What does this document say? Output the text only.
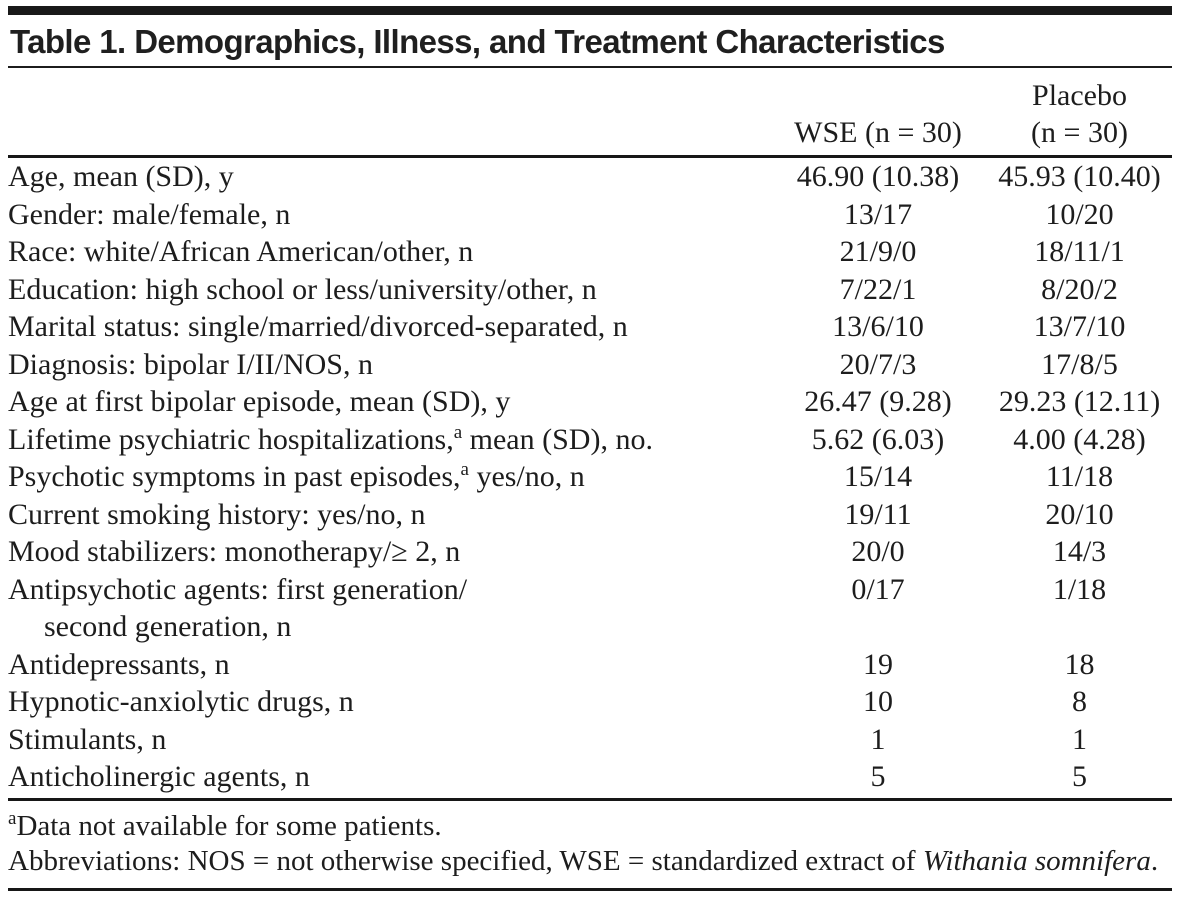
Table 1. Demographics, Illness, and Treatment Characteristics

	WSE (n = 30)	Placebo
(n = 30)

Age, mean (SD), y	46.90 (10.38)	45.93 (10.40)
Gender: male/female, n	13/17	10/20
Race: white/African American/other, n	21/9/0	18/11/1
Education: high school or less/university/other, n	7/22/1	8/20/2
Marital status: single/married/divorced-separated, n	13/6/10	13/7/10
Diagnosis: bipolar I/II/NOS, n	20/7/3	17/8/5
Age at first bipolar episode, mean (SD), y	26.47 (9.28)	29.23 (12.11)
Lifetime psychiatric hospitalizations,$^a$ mean (SD), no.	5.62 (6.03)	4.00 (4.28)
Psychotic symptoms in past episodes,$^a$ yes/no, n	15/14	11/18
Current smoking history: yes/no, n	19/11	20/10
Mood stabilizers: monotherapy/≥ 2, n	20/0	14/3

Antipsychotic agents: first generation/
second generation, n	0/17	1/18
Antidepressants, n	19	18
Hypnotic-anxiolytic drugs, n	10	8
Stimulants, n	1	1
Anticholinergic agents, n	5	5
$^a$Data not available for some patients.
Abbreviations: NOS = not otherwise specified, WSE = standardized extract of Withania somnifera.
